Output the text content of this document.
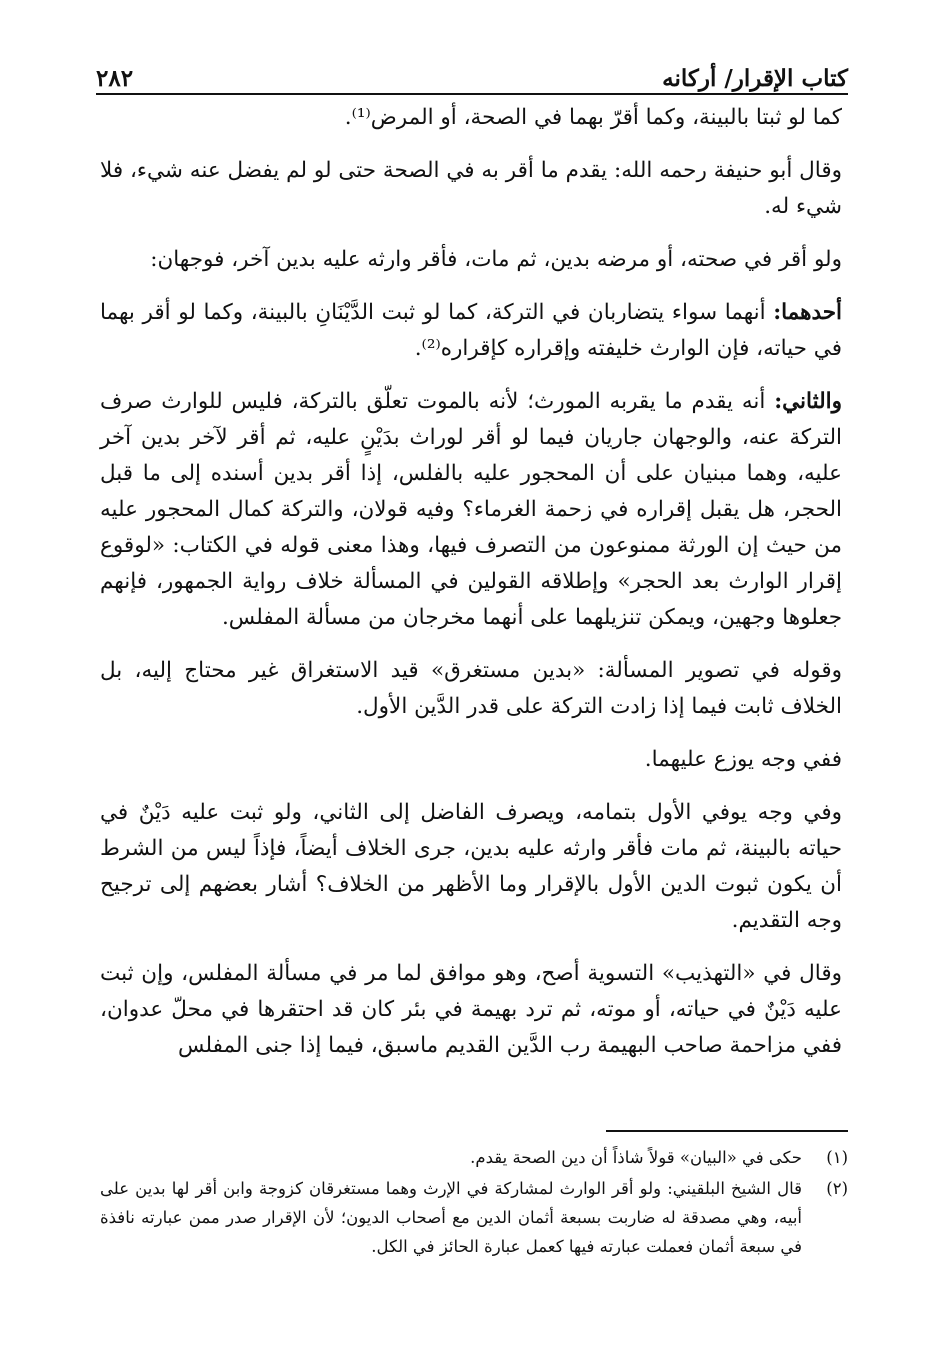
كتاب الإقرار/ أركانه
٢٨٢

كما لو ثبتا بالبينة، وكما أقرّ بهما في الصحة، أو المرض⁽¹⁾.

وقال أبو حنيفة رحمه الله: يقدم ما أقر به في الصحة حتى لو لم يفضل عنه شيء، فلا شيء له.

ولو أقر في صحته، أو مرضه بدين، ثم مات، فأقر وارثه عليه بدين آخر، فوجهان:

أحدهما: أنهما سواء يتضاربان في التركة، كما لو ثبت الدَّيْنَانِ بالبينة، وكما لو أقر بهما في حياته، فإن الوارث خليفته وإقراره كإقراره⁽²⁾.

والثاني: أنه يقدم ما يقربه المورث؛ لأنه بالموت تعلّق بالتركة، فليس للوارث صرف التركة عنه، والوجهان جاريان فيما لو أقر لوراث بدَيْنٍ عليه، ثم أقر لآخر بدين آخر عليه، وهما مبنيان على أن المحجور عليه بالفلس، إذا أقر بدين أسنده إلى ما قبل الحجر، هل يقبل إقراره في زحمة الغرماء؟ وفيه قولان، والتركة كمال المحجور عليه من حيث إن الورثة ممنوعون من التصرف فيها، وهذا معنى قوله في الكتاب: «لوقوع إقرار الوارث بعد الحجر» وإطلاقه القولين في المسألة خلاف رواية الجمهور، فإنهم جعلوها وجهين، ويمكن تنزيلهما على أنهما مخرجان من مسألة المفلس.

وقوله في تصوير المسألة: «بدين مستغرق» قيد الاستغراق غير محتاج إليه، بل الخلاف ثابت فيما إذا زادت التركة على قدر الدَّين الأول.

ففي وجه يوزع عليهما.

وفي وجه يوفي الأول بتمامه، ويصرف الفاضل إلى الثاني، ولو ثبت عليه دَيْنٌ في حياته بالبينة، ثم مات فأقر وارثه عليه بدين، جرى الخلاف أيضاً، فإذاً ليس من الشرط أن يكون ثبوت الدين الأول بالإقرار وما الأظهر من الخلاف؟ أشار بعضهم إلى ترجيح وجه التقديم.

وقال في «التهذيب» التسوية أصح، وهو موافق لما مر في مسألة المفلس، وإن ثبت عليه دَيْنٌ في حياته، أو موته، ثم ترد بهيمة في بئر كان قد احتقرها في محلّ عدوان، ففي مزاحمة صاحب البهيمة رب الدَّين القديم ماسبق، فيما إذا جنى المفلس

(١)
حكى في «البيان» قولاً شاذاً أن دين الصحة يقدم.
(٢)
قال الشيخ البلقيني: ولو أقر الوارث لمشاركة في الإرث وهما مستغرقان كزوجة وابن أقر لها بدين على أبيه، وهي مصدقة له ضاربت بسبعة أثمان الدين مع أصحاب الديون؛ لأن الإقرار صدر ممن عبارته نافذة في سبعة أثمان فعملت عبارته فيها كعمل عبارة الحائز في الكل.
